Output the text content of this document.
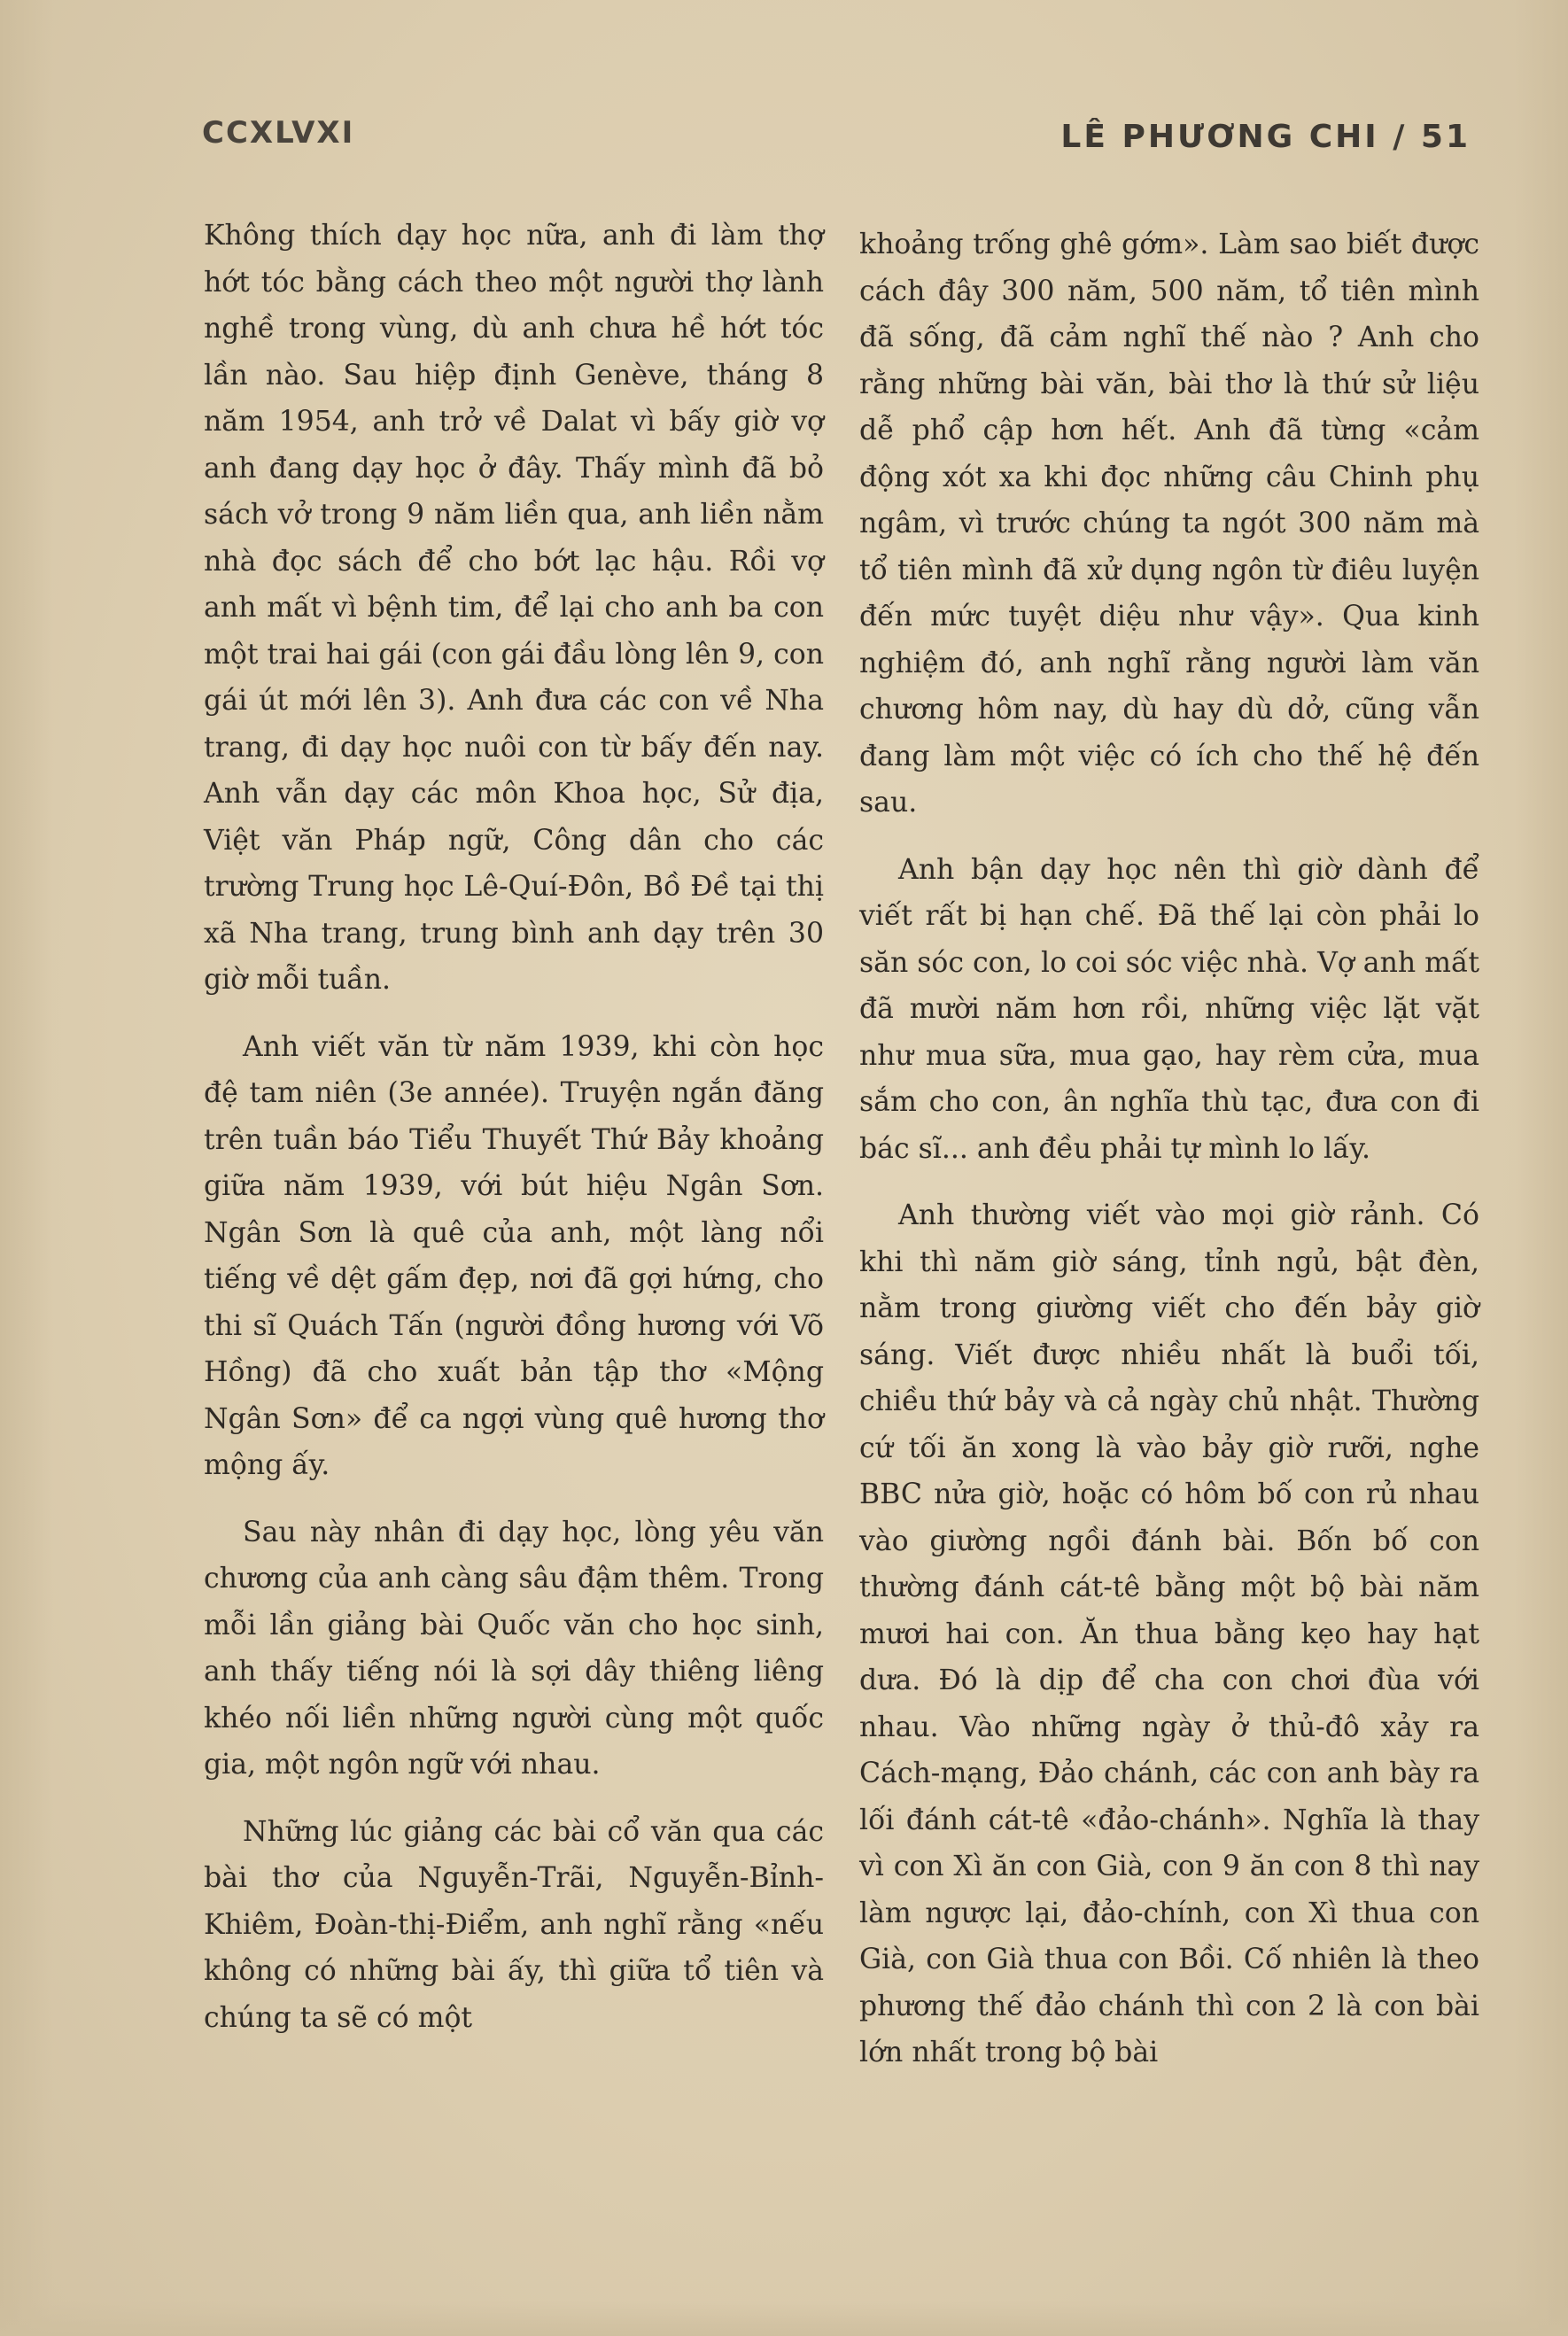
CCXLVXI	LÊ PHƯƠNG CHI / 51

Không thích dạy học nữa, anh đi làm thợ hớt tóc bằng cách theo một người thợ lành nghề trong vùng, dù anh chưa hề hớt tóc lần nào. Sau hiệp định Genève, tháng 8 năm 1954, anh trở về Dalat vì bấy giờ vợ anh đang dạy học ở đây. Thấy mình đã bỏ sách vở trong 9 năm liền qua, anh liền nằm nhà đọc sách để cho bớt lạc hậu. Rồi vợ anh mất vì bệnh tim, để lại cho anh ba con một trai hai gái (con gái đầu lòng lên 9, con gái út mới lên 3). Anh đưa các con về Nha trang, đi dạy học nuôi con từ bấy đến nay. Anh vẫn dạy các môn Khoa học, Sử địa, Việt văn Pháp ngữ, Công dân cho các trường Trung học Lê-Quí-Đôn, Bồ Đề tại thị xã Nha trang, trung bình anh dạy trên 30 giờ mỗi tuần.

Anh viết văn từ năm 1939, khi còn học đệ tam niên (3e année). Truyện ngắn đăng trên tuần báo Tiểu Thuyết Thứ Bảy khoảng giữa năm 1939, với bút hiệu Ngân Sơn. Ngân Sơn là quê của anh, một làng nổi tiếng về dệt gấm đẹp, nơi đã gợi hứng, cho thi sĩ Quách Tấn (người đồng hương với Võ Hồng) đã cho xuất bản tập thơ «Mộng Ngân Sơn» để ca ngợi vùng quê hương thơ mộng ấy.

Sau này nhân đi dạy học, lòng yêu văn chương của anh càng sâu đậm thêm. Trong mỗi lần giảng bài Quốc văn cho học sinh, anh thấy tiếng nói là sợi dây thiêng liêng khéo nối liền những người cùng một quốc gia, một ngôn ngữ với nhau.

Những lúc giảng các bài cổ văn qua các bài thơ của Nguyễn-Trãi, Nguyễn-Bỉnh-Khiêm, Đoàn-thị-Điểm, anh nghĩ rằng «nếu không có những bài ấy, thì giữa tổ tiên và chúng ta sẽ có một

khoảng trống ghê gớm». Làm sao biết được cách đây 300 năm, 500 năm, tổ tiên mình đã sống, đã cảm nghĩ thế nào ? Anh cho rằng những bài văn, bài thơ là thứ sử liệu dễ phổ cập hơn hết. Anh đã từng «cảm động xót xa khi đọc những câu Chinh phụ ngâm, vì trước chúng ta ngót 300 năm mà tổ tiên mình đã xử dụng ngôn từ điêu luyện đến mức tuyệt diệu như vậy». Qua kinh nghiệm đó, anh nghĩ rằng người làm văn chương hôm nay, dù hay dù dở, cũng vẫn đang làm một việc có ích cho thế hệ đến sau.

Anh bận dạy học nên thì giờ dành để viết rất bị hạn chế. Đã thế lại còn phải lo săn sóc con, lo coi sóc việc nhà. Vợ anh mất đã mười năm hơn rồi, những việc lặt vặt như mua sữa, mua gạo, hay rèm cửa, mua sắm cho con, ân nghĩa thù tạc, đưa con đi bác sĩ... anh đều phải tự mình lo lấy.

Anh thường viết vào mọi giờ rảnh. Có khi thì năm giờ sáng, tỉnh ngủ, bật đèn, nằm trong giường viết cho đến bảy giờ sáng. Viết được nhiều nhất là buổi tối, chiều thứ bảy và cả ngày chủ nhật. Thường cứ tối ăn xong là vào bảy giờ rưỡi, nghe BBC nửa giờ, hoặc có hôm bố con rủ nhau vào giường ngồi đánh bài. Bốn bố con thường đánh cát-tê bằng một bộ bài năm mươi hai con. Ăn thua bằng kẹo hay hạt dưa. Đó là dịp để cha con chơi đùa với nhau. Vào những ngày ở thủ-đô xảy ra Cách-mạng, Đảo chánh, các con anh bày ra lối đánh cát-tê «đảo-chánh». Nghĩa là thay vì con Xì ăn con Già, con 9 ăn con 8 thì nay làm ngược lại, đảo-chính, con Xì thua con Già, con Già thua con Bồi. Cố nhiên là theo phương thế đảo chánh thì con 2 là con bài lớn nhất trong bộ bài
